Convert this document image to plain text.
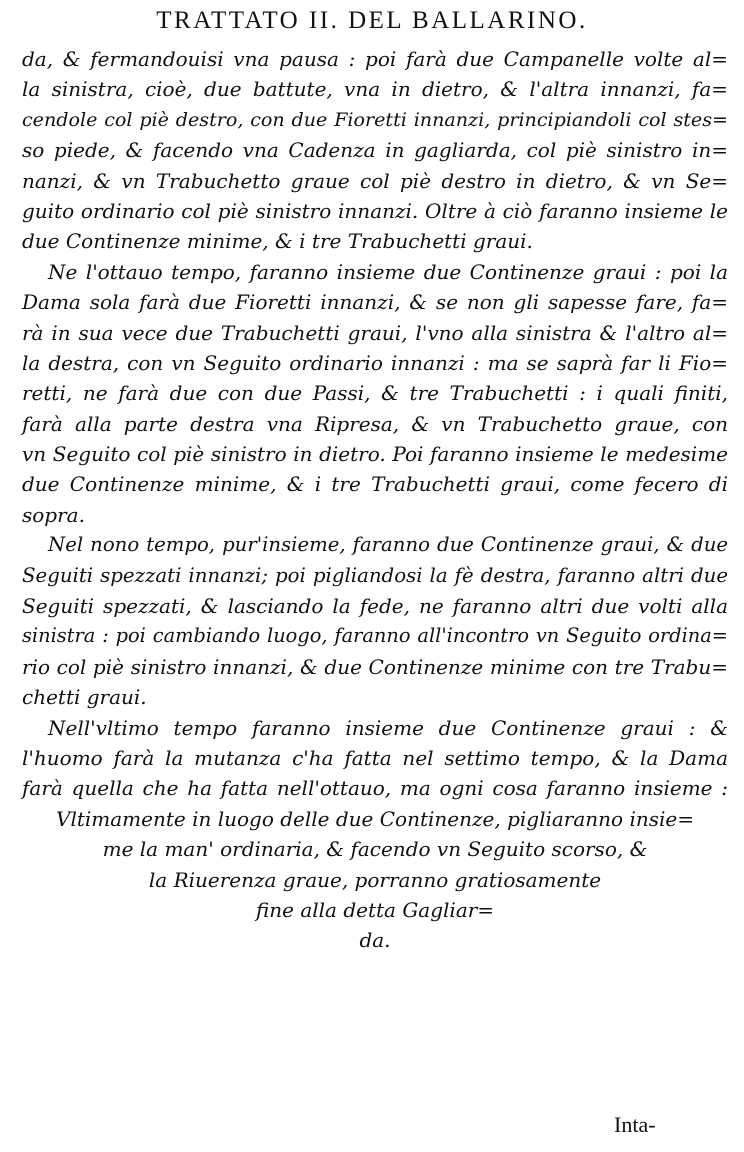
TRATTATO II. DEL BALLARINO.
da, & fermandouisi vna pausa : poi farà due Campanelle volte al=
la sinistra, cioè, due battute, vna in dietro, & l'altra innanzi, fa=
cendole col piè destro, con due Fioretti innanzi, principiandoli col stes=
so piede, & facendo vna Cadenza in gagliarda, col piè sinistro in=
nanzi, & vn Trabuchetto graue col piè destro in dietro, & vn Se=
guito ordinario col piè sinistro innanzi. Oltre à ciò faranno insieme le
due Continenze minime, & i tre Trabuchetti graui.
Ne l'ottauo tempo, faranno insieme due Continenze graui : poi la
Dama sola farà due Fioretti innanzi, & se non gli sapesse fare, fa=
rà in sua vece due Trabuchetti graui, l'vno alla sinistra & l'altro al=
la destra, con vn Seguito ordinario innanzi : ma se saprà far li Fio=
retti, ne farà due con due Passi, & tre Trabuchetti : i quali finiti,
farà alla parte destra vna Ripresa, & vn Trabuchetto graue, con
vn Seguito col piè sinistro in dietro. Poi faranno insieme le medesime
due Continenze minime, & i tre Trabuchetti graui, come fecero di
sopra.
Nel nono tempo, pur'insieme, faranno due Continenze graui, & due
Seguiti spezzati innanzi; poi pigliandosi la fè destra, faranno altri due
Seguiti spezzati, & lasciando la fede, ne faranno altri due volti alla
sinistra : poi cambiando luogo, faranno all'incontro vn Seguito ordina=
rio col piè sinistro innanzi, & due Continenze minime con tre Trabu=
chetti graui.
Nell'vltimo tempo faranno insieme due Continenze graui : &
l'huomo farà la mutanza c'ha fatta nel settimo tempo, & la Dama
farà quella che ha fatta nell'ottauo, ma ogni cosa faranno insieme :
Vltimamente in luogo delle due Continenze, pigliaranno insie=
me la man' ordinaria, & facendo vn Seguito scorso, &
la Riuerenza graue, porranno gratiosamente
fine alla detta Gagliar=
da.
Inta-
